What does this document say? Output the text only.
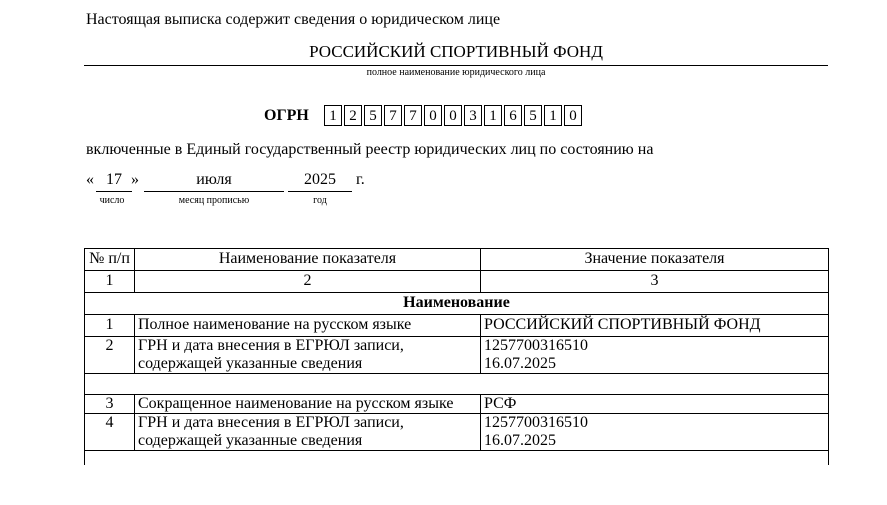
Настоящая выписка содержит сведения о юридическом лице
РОССИЙСКИЙ СПОРТИВНЫЙ ФОНД
полное наименование юридического лица
ОГРН	1 2 5 7 7 0 0 3 1 6 5 1 0
включенные в Единый государственный реестр юридических лиц по состоянию на
« 17 »	июля	2025	г.
число	месяц прописью	год
№ п/п	Наименование показателя	Значение показателя
1	2	3
Наименование		
1	Полное наименование на русском языке	РОССИЙСКИЙ СПОРТИВНЫЙ ФОНД
2	ГРН и дата внесения в ЕГРЮЛ записи, содержащей указанные сведения	1257700316510
16.07.2025

3	Сокращенное наименование на русском языке	РСФ
4	ГРН и дата внесения в ЕГРЮЛ записи, содержащей указанные сведения	1257700316510
16.07.2025
